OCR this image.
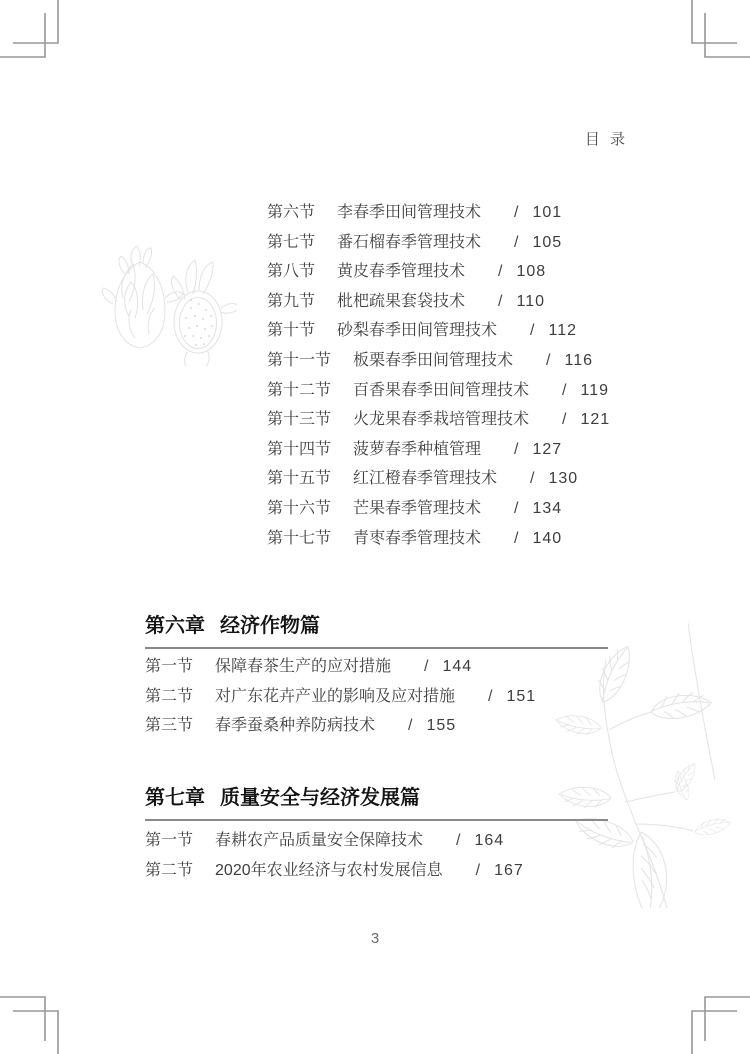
目 录
第六节 李春季田间管理技术 / 101
第七节 番石榴春季管理技术 / 105
第八节 黄皮春季管理技术 / 108
第九节 枇杷疏果套袋技术 / 110
第十节 砂梨春季田间管理技术 / 112
第十一节 板栗春季田间管理技术 / 116
第十二节 百香果春季田间管理技术 / 119
第十三节 火龙果春季栽培管理技术 / 121
第十四节 菠萝春季种植管理 / 127
第十五节 红江橙春季管理技术 / 130
第十六节 芒果春季管理技术 / 134
第十七节 青枣春季管理技术 / 140
第六章 经济作物篇
第一节 保障春茶生产的应对措施 / 144
第二节 对广东花卉产业的影响及应对措施 / 151
第三节 春季蚕桑种养防病技术 / 155
第七章 质量安全与经济发展篇
第一节 春耕农产品质量安全保障技术 / 164
第二节 2020年农业经济与农村发展信息 / 167
3
